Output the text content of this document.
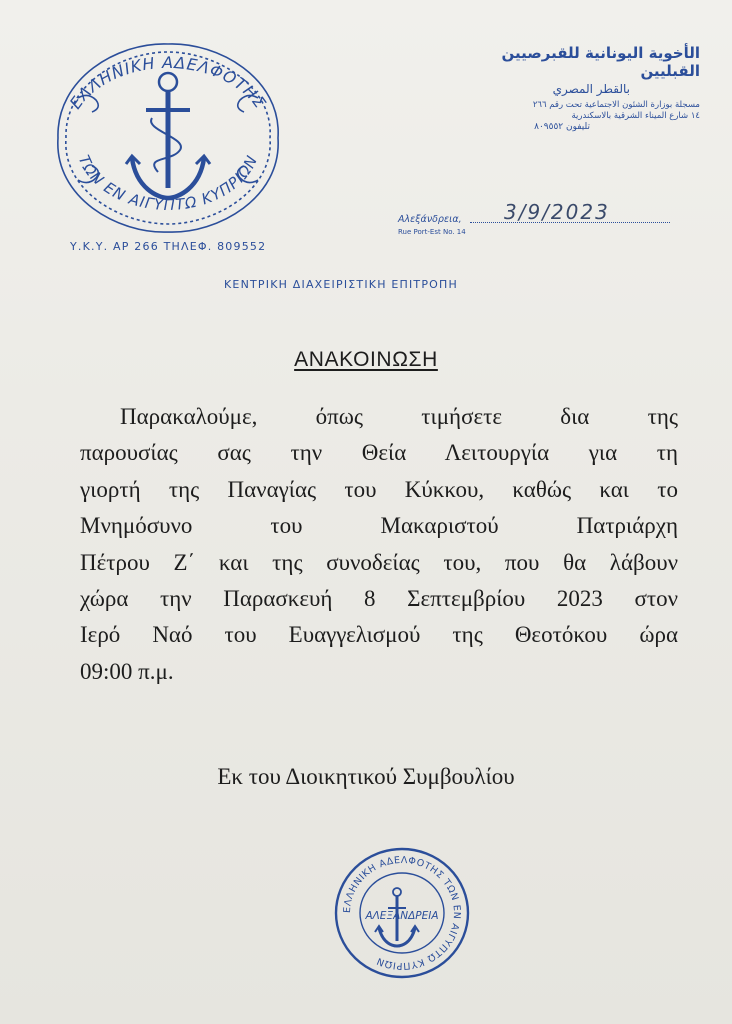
ΕΛΛΗΝΙΚΗ ΑΔΕΛΦΟΤΗΣ
ΤΩΝ ΕΝ ΑΙΓΥΠΤΩ ΚΥΠΡΙΩΝ
Υ.Κ.Υ. ΑΡ 266 ΤΗΛΕΦ. 809552
الأخوية اليونانية للقبرصيين القبليين
بالقطر المصري
مسجلة بوزارة الشئون الاجتماعية تحت رقم ٢٦٦
١٤ شارع الميناء الشرقية بالاسكندرية
تليفون ٨٠٩٥٥٢
Αλεξάνδρεια,
Rue Port-Est No. 14
3/9/2023
ΚΕΝΤΡΙΚΗ ΔΙΑΧΕΙΡΙΣΤΙΚΗ ΕΠΙΤΡΟΠΗ
ΑΝΑΚΟΙΝΩΣΗ
Παρακαλούμε, όπως τιμήσετε δια της
παρουσίας σας την Θεία Λειτουργία για τη
γιορτή της Παναγίας του Κύκκου, καθώς και το
Μνημόσυνο του Μακαριστού Πατριάρχη
Πέτρου Ζ΄ και της συνοδείας του, που θα λάβουν
χώρα την Παρασκευή 8 Σεπτεμβρίου 2023 στον
Ιερό Ναό του Ευαγγελισμού της Θεοτόκου ώρα
09:00 π.μ.
Εκ του Διοικητικού Συμβουλίου
ΕΛΛΗΝΙΚΗ ΑΔΕΛΦΟΤΗΣ ΤΩΝ ΕΝ ΑΙΓΥΠΤΩ ΚΥΠΡΙΩΝ
ΑΛΕΞΑΝΔΡΕΙΑ
